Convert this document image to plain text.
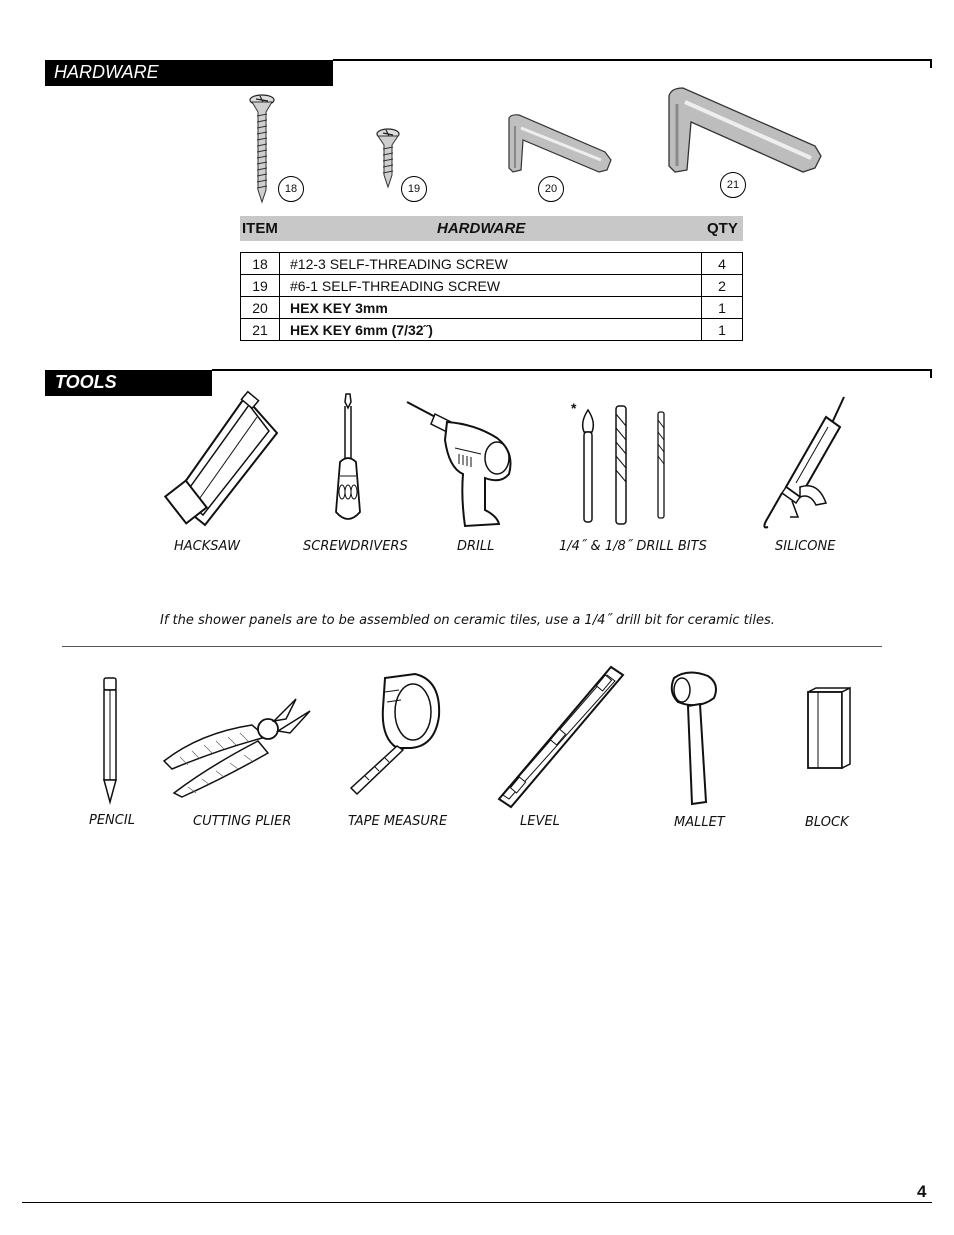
HARDWARE
18	19	20	21
ITEM	HARDWARE	QTY
18	#12-3 SELF-THREADING SCREW	4
19	#6-1 SELF-THREADING SCREW	2
20	HEX KEY 3mm	1
21	HEX KEY 6mm (7/32˝)	1
TOOLS
HACKSAW	SCREWDRIVERS	DRILL
*
1/4˝ & 1/8˝ DRILL BITS	SILICONE
If the shower panels are to be assembled on ceramic tiles, use a 1/4˝ drill bit for ceramic tiles.
PENCIL	CUTTING PLIER	TAPE MEASURE	LEVEL	MALLET	BLOCK
4
